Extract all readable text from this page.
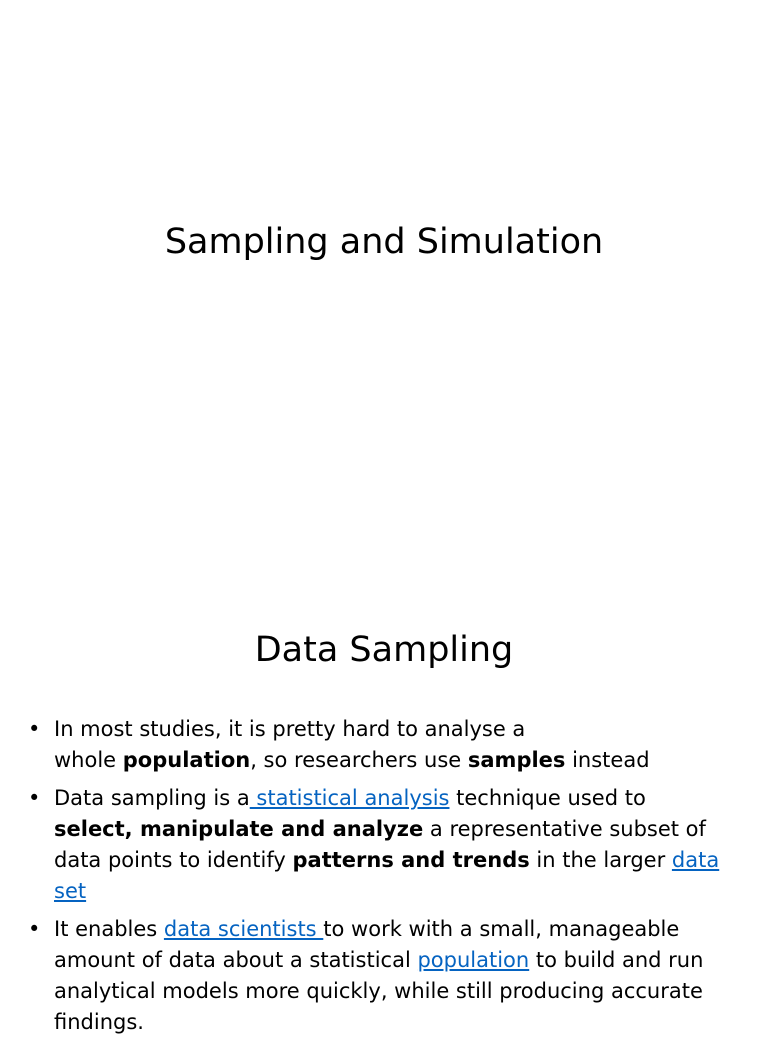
Sampling and Simulation
Data Sampling
• In most studies, it is pretty hard to analyse a
whole population, so researchers use samples instead
• Data sampling is a statistical analysis technique used to
select, manipulate and analyze a representative subset of data points to identify patterns and trends in the larger data set
• It enables data scientists to work with a small, manageable amount of data about a statistical population to build and run analytical models more quickly, while still producing accurate findings.
